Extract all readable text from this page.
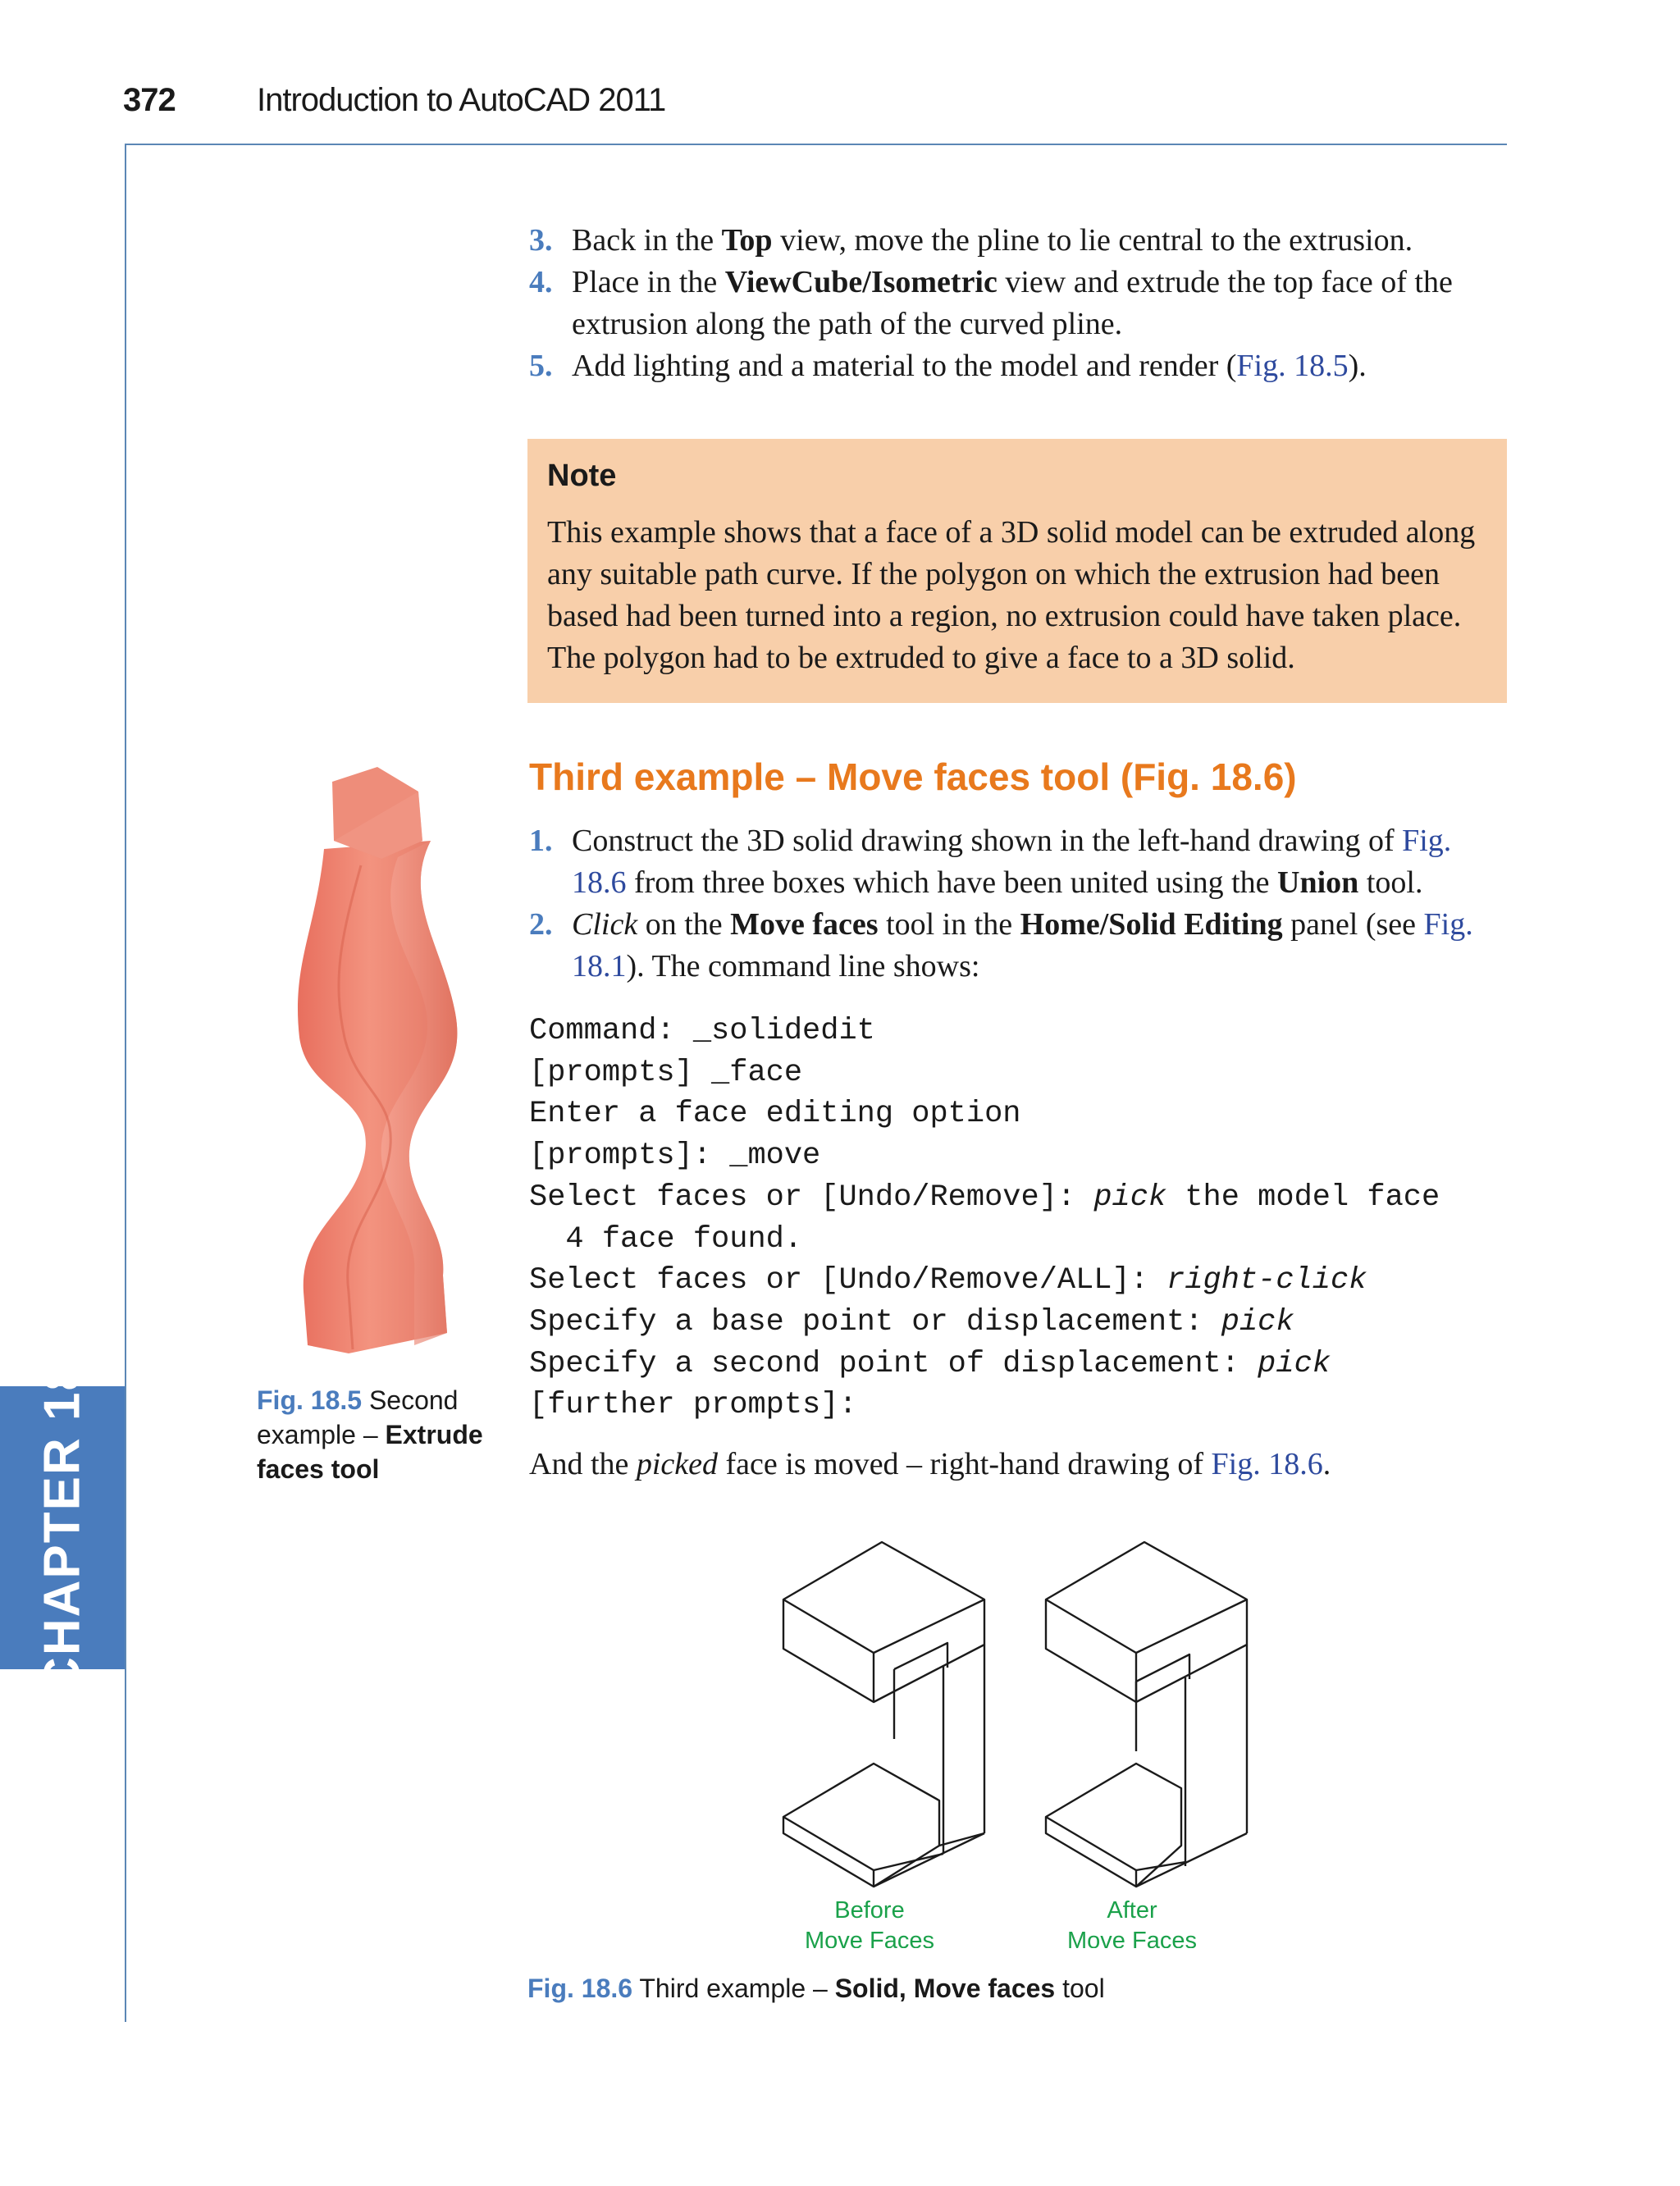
372 Introduction to AutoCAD 2011
CHAPTER 18
3. Back in the Top view, move the pline to lie central to the extrusion.
4. Place in the ViewCube/Isometric view and extrude the top face of the extrusion along the path of the curved pline.
5. Add lighting and a material to the model and render (Fig. 18.5).
Note
This example shows that a face of a 3D solid model can be extruded along any suitable path curve. If the polygon on which the extrusion had been based had been turned into a region, no extrusion could have taken place. The polygon had to be extruded to give a face to a 3D solid.
Third example – Move faces tool (Fig. 18.6)
1. Construct the 3D solid drawing shown in the left-hand drawing of Fig. 18.6 from three boxes which have been united using the Union tool.
2. Click on the Move faces tool in the Home/Solid Editing panel (see Fig. 18.1). The command line shows:
Command: _solidedit
[prompts] _face
Enter a face editing option
[prompts]: _move
Select faces or [Undo/Remove]: pick the model face
4 face found.
Select faces or [Undo/Remove/ALL]: right-click
Specify a base point or displacement: pick
Specify a second point of displacement: pick
[further prompts]:
And the picked face is moved – right-hand drawing of Fig. 18.6.
Fig. 18.5 Second example – Extrude faces tool
Before
Move Faces
After
Move Faces
Fig. 18.6 Third example – Solid, Move faces tool
